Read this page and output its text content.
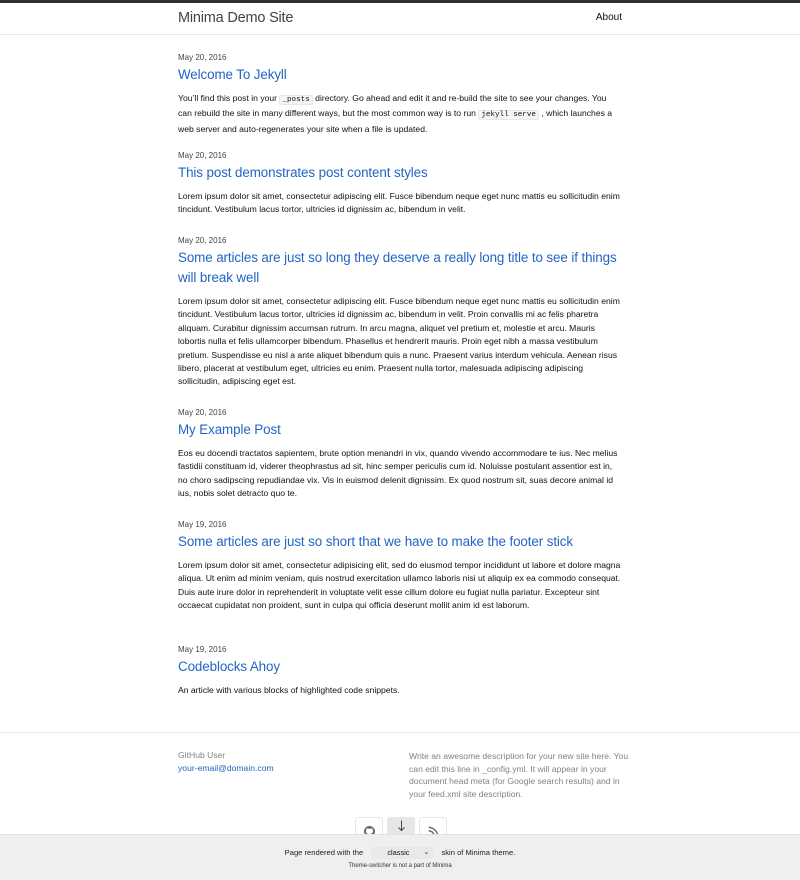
Minima Demo Site	About
May 20, 2016
Welcome To Jekyll

You’ll find this post in your _posts directory. Go ahead and edit it and re-build the site to see your changes. You can rebuild the site in many different ways, but the most common way is to run jekyll serve , which launches a web server and auto-regenerates your site when a file is updated.

May 20, 2016
This post demonstrates post content styles

Lorem ipsum dolor sit amet, consectetur adipiscing elit. Fusce bibendum neque eget nunc mattis eu sollicitudin enim tincidunt. Vestibulum lacus tortor, ultricies id dignissim ac, bibendum in velit.

May 20, 2016
Some articles are just so long they deserve a really long title to see if things will break well

Lorem ipsum dolor sit amet, consectetur adipiscing elit. Fusce bibendum neque eget nunc mattis eu sollicitudin enim tincidunt. Vestibulum lacus tortor, ultricies id dignissim ac, bibendum in velit. Proin convallis mi ac felis pharetra aliquam. Curabitur dignissim accumsan rutrum. In arcu magna, aliquet vel pretium et, molestie et arcu. Mauris lobortis nulla et felis ullamcorper bibendum. Phasellus et hendrerit mauris. Proin eget nibh a massa vestibulum pretium. Suspendisse eu nisl a ante aliquet bibendum quis a nunc. Praesent varius interdum vehicula. Aenean risus libero, placerat at vestibulum eget, ultricies eu enim. Praesent nulla tortor, malesuada adipiscing adipiscing sollicitudin, adipiscing eget est.

May 20, 2016
My Example Post

Eos eu docendi tractatos sapientem, brute option menandri in vix, quando vivendo accommodare te ius. Nec melius fastidii constituam id, viderer theophrastus ad sit, hinc semper periculis cum id. Noluisse postulant assentior est in, no choro sadipscing repudiandae vix. Vis in euismod delenit dignissim. Ex quod nostrum sit, suas decore animal id ius, nobis solet detracto quo te.

May 19, 2016
Some articles are just so short that we have to make the footer stick

Lorem ipsum dolor sit amet, consectetur adipisicing elit, sed do eiusmod tempor incididunt ut labore et dolore magna aliqua. Ut enim ad minim veniam, quis nostrud exercitation ullamco laboris nisi ut aliquip ex ea commodo consequat. Duis aute irure dolor in reprehenderit in voluptate velit esse cillum dolore eu fugiat nulla pariatur. Excepteur sint occaecat cupidatat non proident, sunt in culpa qui officia deserunt mollit anim id est laborum.

May 19, 2016
Codeblocks Ahoy

An article with various blocks of highlighted code snippets.

GitHub User
your-email@domain.com

Write an awesome description for your new site here. You can edit this line in _config.yml. It will appear in your document head meta (for Google search results) and in your feed.xml site description.

Page rendered with the	classic ⌄ skin of Minima theme.
Theme-switcher is not a part of Minima
